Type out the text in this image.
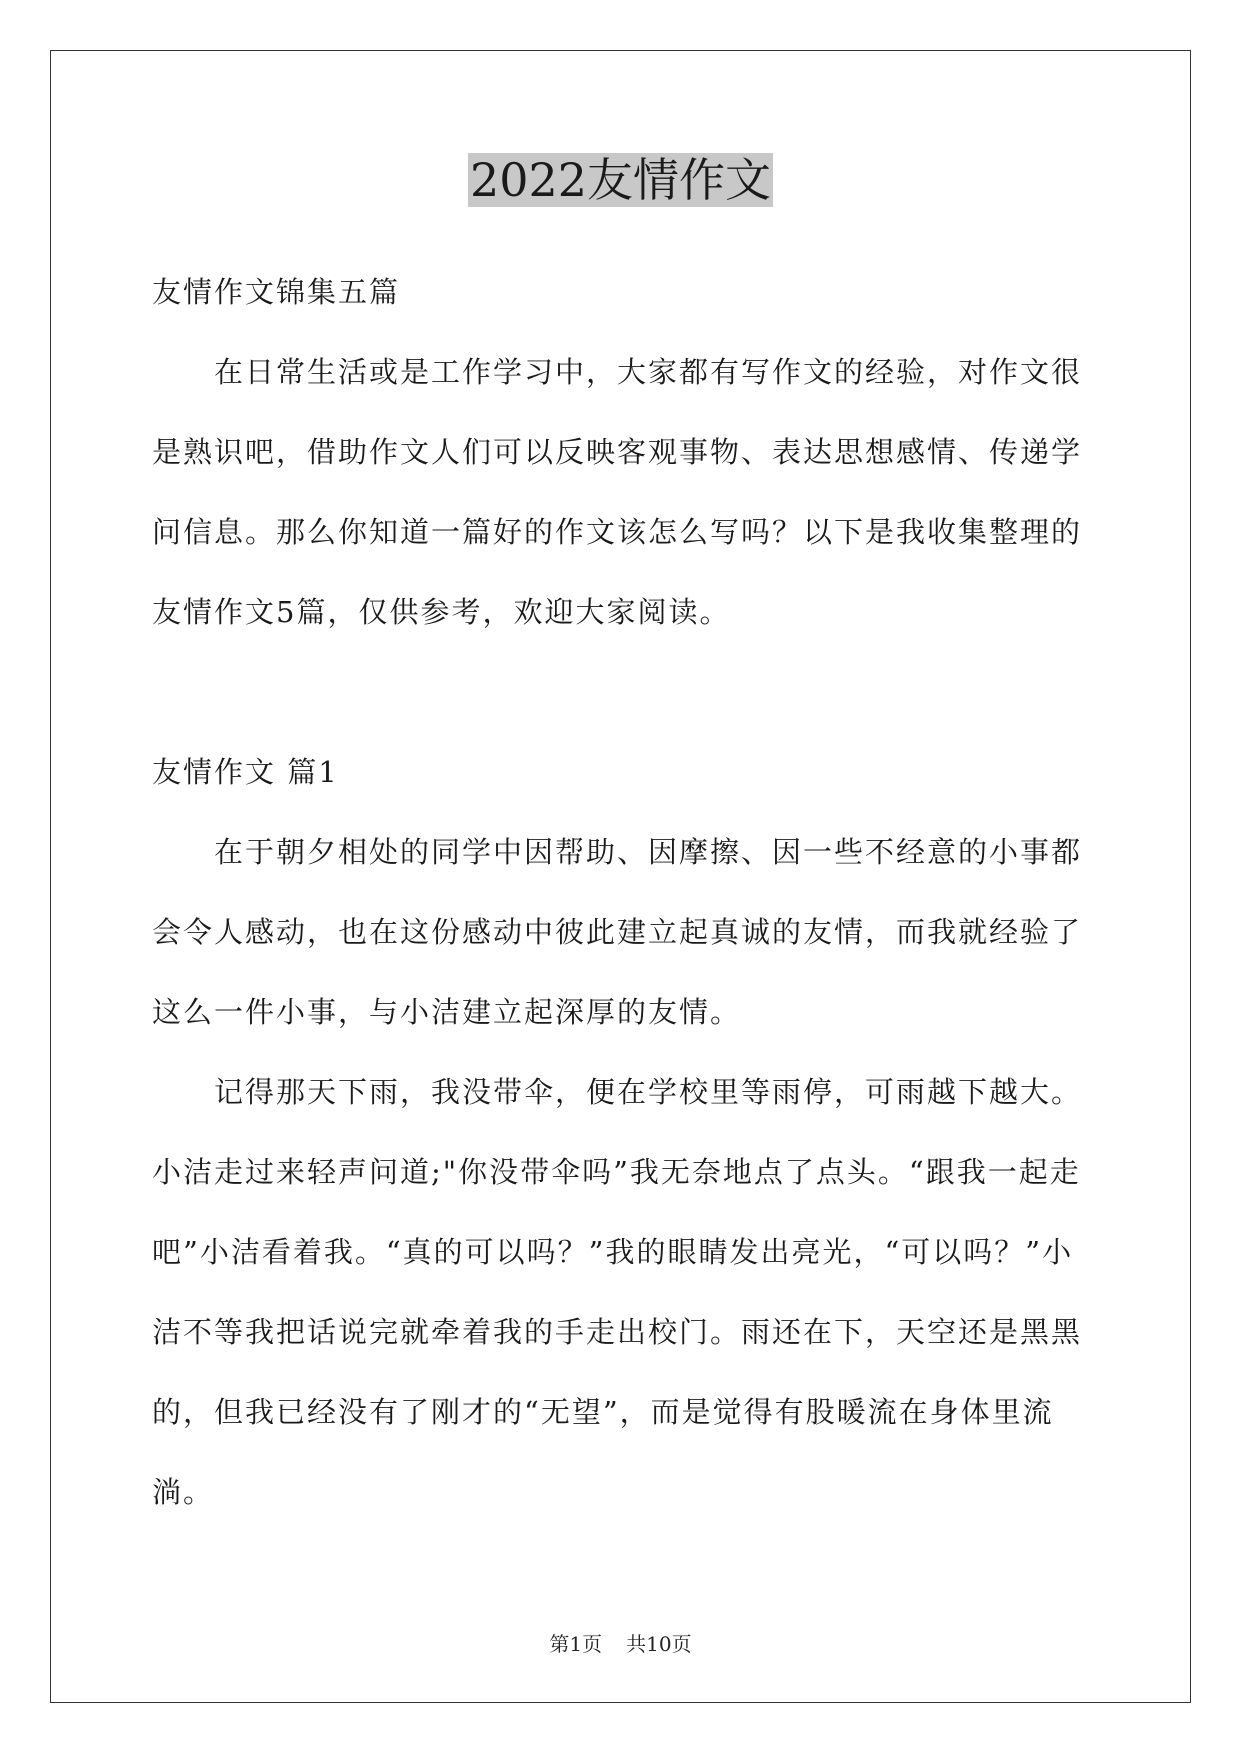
2022友情作文

友情作文锦集五篇

在日常生活或是工作学习中，大家都有写作文的经验，对作文很是熟识吧，借助作文人们可以反映客观事物、表达思想感情、传递学问信息。那么你知道一篇好的作文该怎么写吗？以下是我收集整理的友情作文5篇，仅供参考，欢迎大家阅读。

友情作文 篇1

在于朝夕相处的同学中因帮助、因摩擦、因一些不经意的小事都会令人感动，也在这份感动中彼此建立起真诚的友情，而我就经验了这么一件小事，与小洁建立起深厚的友情。

记得那天下雨，我没带伞，便在学校里等雨停，可雨越下越大。小洁走过来轻声问道;"你没带伞吗”我无奈地点了点头。“跟我一起走吧”小洁看着我。“真的可以吗？”我的眼睛发出亮光，“可以吗？”小洁不等我把话说完就牵着我的手走出校门。雨还在下，天空还是黑黑的，但我已经没有了刚才的“无望”，而是觉得有股暖流在身体里流淌。

第1页 共10页
